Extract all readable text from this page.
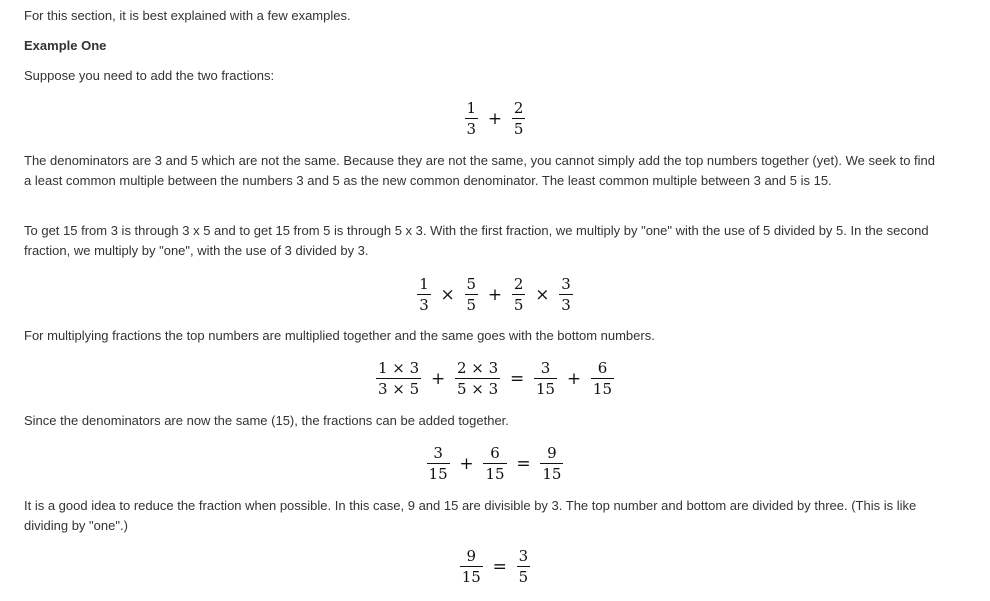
For this section, it is best explained with a few examples.

Example One

Suppose you need to add the two fractions:

$\frac{1}{3} + \frac{2}{5}$

The denominators are 3 and 5 which are not the same. Because they are not the same, you cannot simply add the top numbers together (yet). We seek to find a least common multiple between the numbers 3 and 5 as the new common denominator. The least common multiple between 3 and 5 is 15.

To get 15 from 3 is through 3 x 5 and to get 15 from 5 is through 5 x 3. With the first fraction, we multiply by "one" with the use of 5 divided by 5. In the second fraction, we multiply by "one", with the use of 3 divided by 3.

$\frac{1}{3} \times \frac{5}{5} + \frac{2}{5} \times \frac{3}{3}$

For multiplying fractions the top numbers are multiplied together and the same goes with the bottom numbers.

$\frac{1 \times 3}{3 \times 5} + \frac{2 \times 3}{5 \times 3} = \frac{3}{15} + \frac{6}{15}$

Since the denominators are now the same (15), the fractions can be added together.

$\frac{3}{15} + \frac{6}{15} = \frac{9}{15}$

It is a good idea to reduce the fraction when possible. In this case, 9 and 15 are divisible by 3. The top number and bottom are divided by three. (This is like dividing by "one".)

$\frac{9}{15} = \frac{3}{5}$
